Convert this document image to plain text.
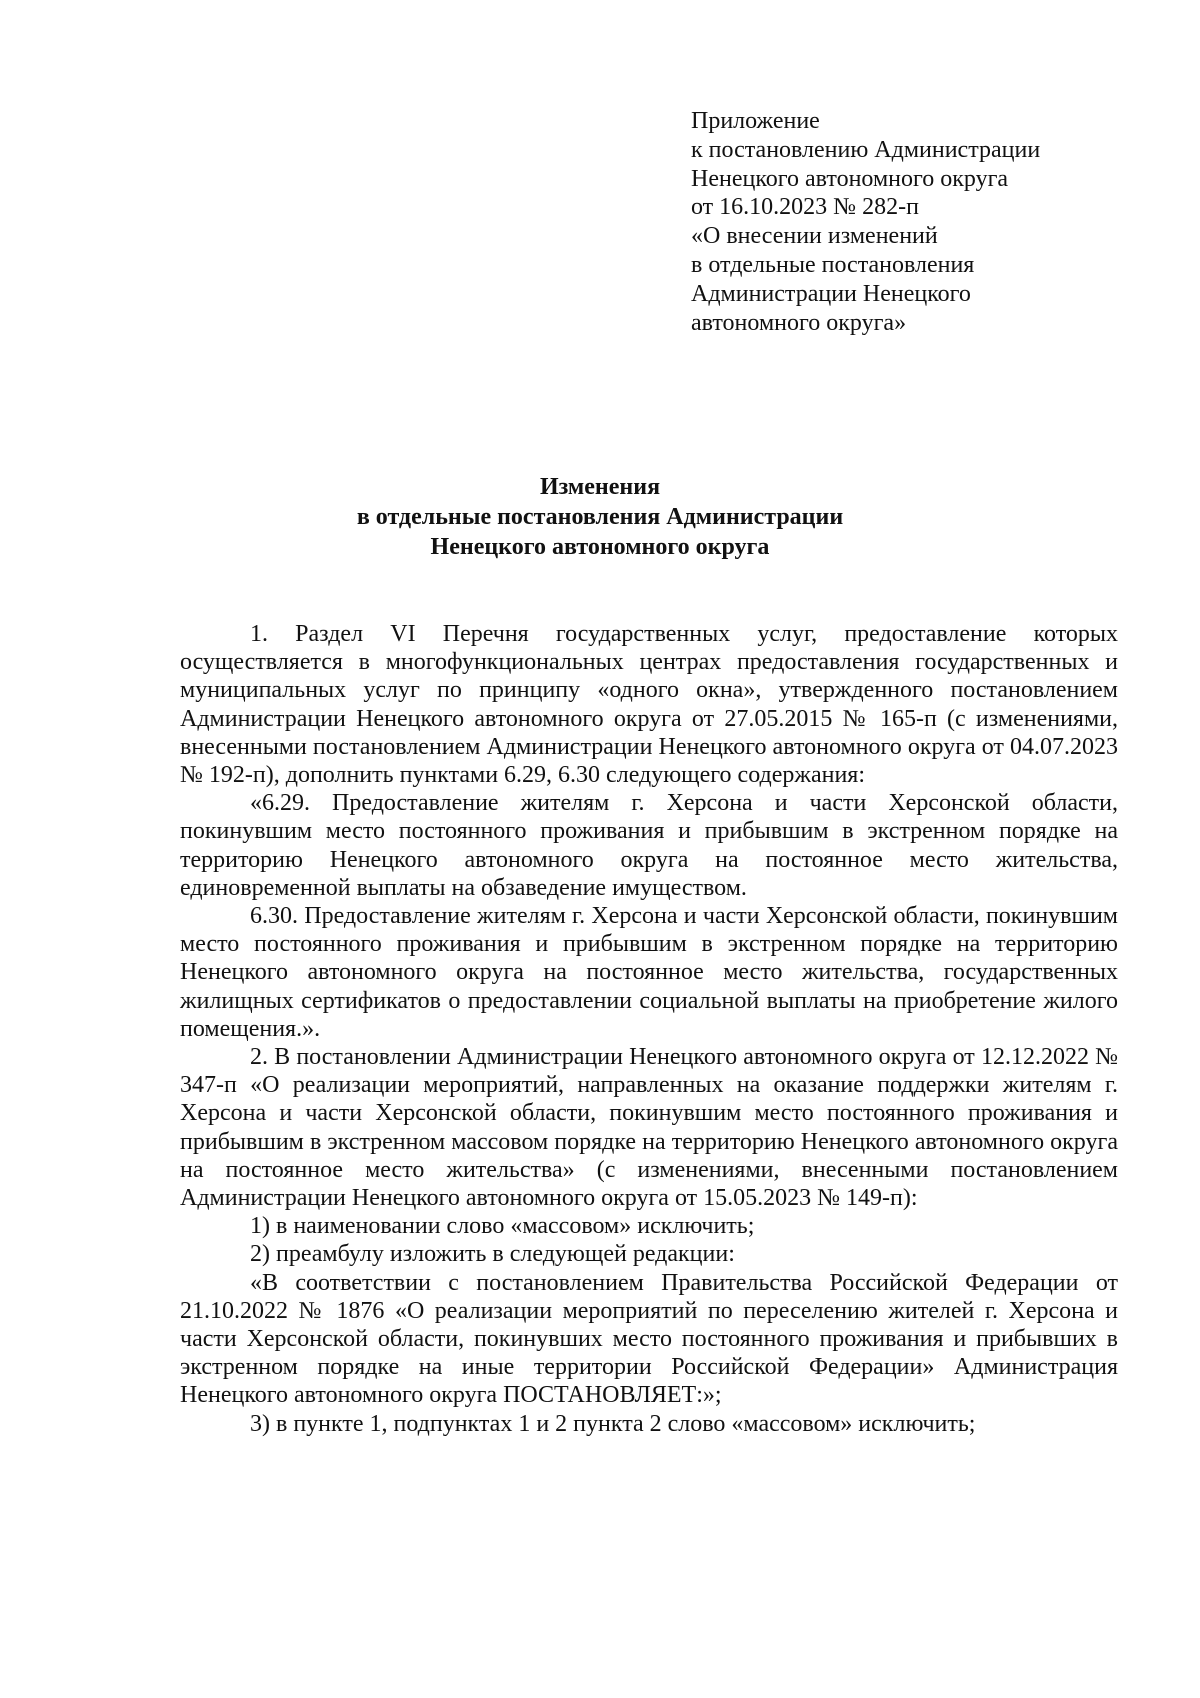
Приложение
к постановлению Администрации
Ненецкого автономного округа
от 16.10.2023 № 282-п
«О внесении изменений
в отдельные постановления
Администрации Ненецкого
автономного округа»
Изменения
в отдельные постановления Администрации
Ненецкого автономного округа

1. Раздел VI Перечня государственных услуг, предоставление которых осуществляется в многофункциональных центрах предоставления государственных и муниципальных услуг по принципу «одного окна», утвержденного постановлением Администрации Ненецкого автономного округа от 27.05.2015 № 165-п (с изменениями, внесенными постановлением Администрации Ненецкого автономного округа от 04.07.2023 № 192-п), дополнить пунктами 6.29, 6.30 следующего содержания:

«6.29. Предоставление жителям г. Херсона и части Херсонской области, покинувшим место постоянного проживания и прибывшим в экстренном порядке на территорию Ненецкого автономного округа на постоянное место жительства, единовременной выплаты на обзаведение имуществом.

6.30. Предоставление жителям г. Херсона и части Херсонской области, покинувшим место постоянного проживания и прибывшим в экстренном порядке на территорию Ненецкого автономного округа на постоянное место жительства, государственных жилищных сертификатов о предоставлении социальной выплаты на приобретение жилого помещения.».

2. В постановлении Администрации Ненецкого автономного округа от 12.12.2022 № 347-п «О реализации мероприятий, направленных на оказание поддержки жителям г. Херсона и части Херсонской области, покинувшим место постоянного проживания и прибывшим в экстренном массовом порядке на территорию Ненецкого автономного округа на постоянное место жительства» (с изменениями, внесенными постановлением Администрации Ненецкого автономного округа от 15.05.2023 № 149-п):

1) в наименовании слово «массовом» исключить;

2) преамбулу изложить в следующей редакции:

«В соответствии с постановлением Правительства Российской Федерации от 21.10.2022 № 1876 «О реализации мероприятий по переселению жителей г. Херсона и части Херсонской области, покинувших место постоянного проживания и прибывших в экстренном порядке на иные территории Российской Федерации» Администрация Ненецкого автономного округа ПОСТАНОВЛЯЕТ:»;

3) в пункте 1, подпунктах 1 и 2 пункта 2 слово «массовом» исключить;
